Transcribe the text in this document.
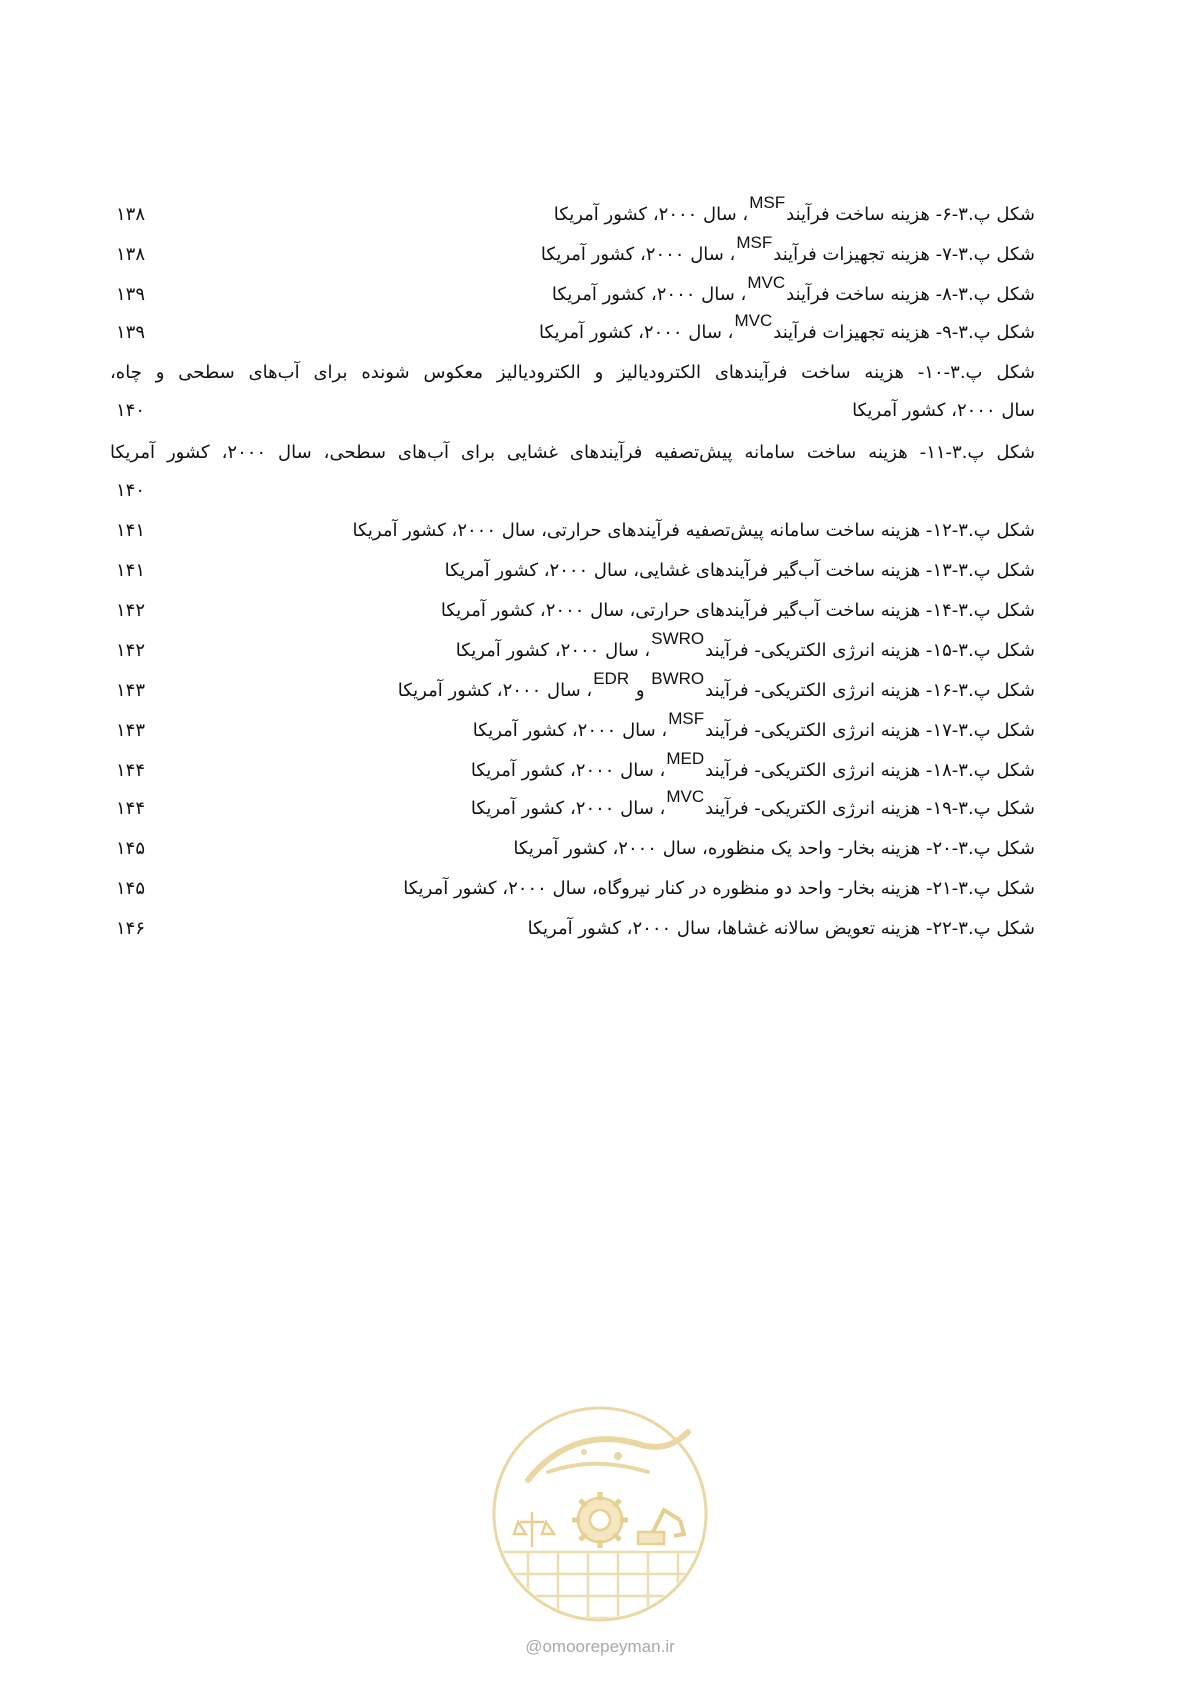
شکل پ.۳-۶- هزینه ساخت فرآیندMSF، سال ۲۰۰۰، کشور آمریکا
۱۳۸
شکل پ.۳-۷- هزینه تجهیزات فرآیندMSF، سال ۲۰۰۰، کشور آمریکا
۱۳۸
شکل پ.۳-۸- هزینه ساخت فرآیندMVC، سال ۲۰۰۰، کشور آمریکا
۱۳۹
شکل پ.۳-۹- هزینه تجهیزات فرآیندMVC، سال ۲۰۰۰، کشور آمریکا
۱۳۹
شکل پ.۳-۱۰- هزینه ساخت فرآیندهای الکترودیالیز و الکترودیالیز معکوس شونده برای آب‌های سطحی و چاه،
سال ۲۰۰۰، کشور آمریکا
۱۴۰
شکل پ.۳-۱۱- هزینه ساخت سامانه پیش‌تصفیه فرآیندهای غشایی برای آب‌های سطحی، سال ۲۰۰۰، کشور آمریکا
۱۴۰
شکل پ.۳-۱۲- هزینه ساخت سامانه پیش‌تصفیه فرآیندهای حرارتی، سال ۲۰۰۰، کشور آمریکا
۱۴۱
شکل پ.۳-۱۳- هزینه ساخت آب‌گیر فرآیندهای غشایی، سال ۲۰۰۰، کشور آمریکا
۱۴۱
شکل پ.۳-۱۴- هزینه ساخت آب‌گیر فرآیندهای حرارتی، سال ۲۰۰۰، کشور آمریکا
۱۴۲
شکل پ.۳-۱۵- هزینه انرژی الکتریکی- فرآیندSWRO، سال ۲۰۰۰، کشور آمریکا
۱۴۲
شکل پ.۳-۱۶- هزینه انرژی الکتریکی- فرآیندBWRO و EDR، سال ۲۰۰۰، کشور آمریکا
۱۴۳
شکل پ.۳-۱۷- هزینه انرژی الکتریکی- فرآیندMSF، سال ۲۰۰۰، کشور آمریکا
۱۴۳
شکل پ.۳-۱۸- هزینه انرژی الکتریکی- فرآیندMED، سال ۲۰۰۰، کشور آمریکا
۱۴۴
شکل پ.۳-۱۹- هزینه انرژی الکتریکی- فرآیندMVC، سال ۲۰۰۰، کشور آمریکا
۱۴۴
شکل پ.۳-۲۰- هزینه بخار- واحد یک منظوره، سال ۲۰۰۰، کشور آمریکا
۱۴۵
شکل پ.۳-۲۱- هزینه بخار- واحد دو منظوره در کنار نیروگاه، سال ۲۰۰۰، کشور آمریکا
۱۴۵
شکل پ.۳-۲۲- هزینه تعویض سالانه غشاها، سال ۲۰۰۰، کشور آمریکا
۱۴۶
@omoorepeyman.ir
